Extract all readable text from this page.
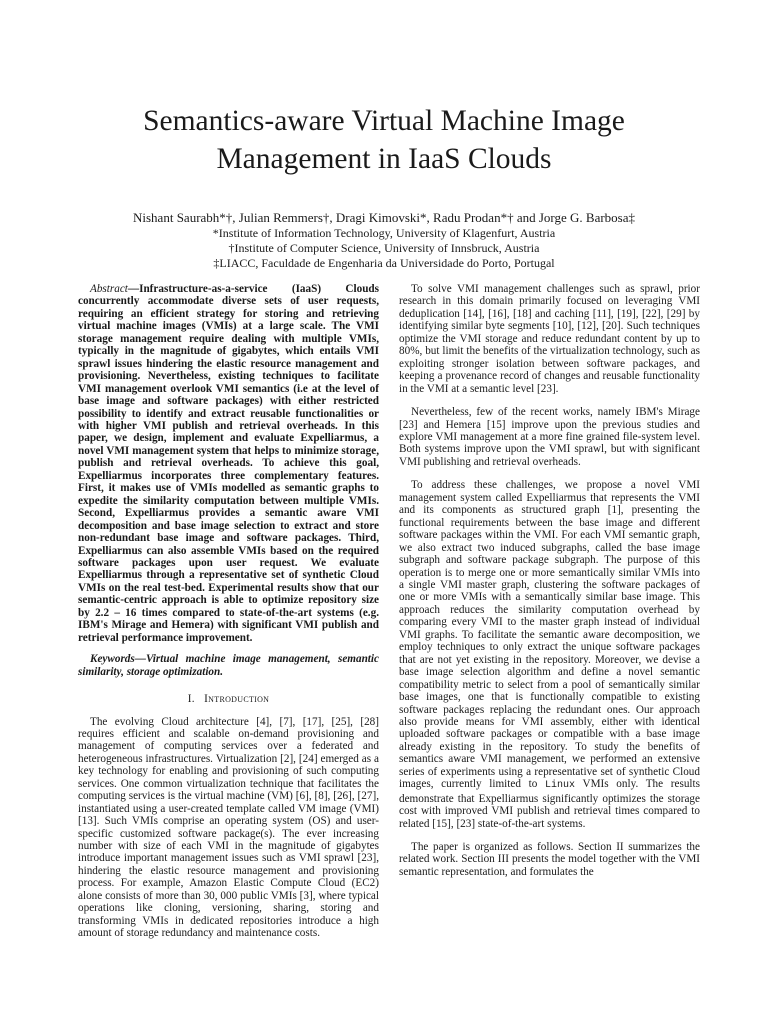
Semantics-aware Virtual Machine Image
Management in IaaS Clouds
Nishant Saurabh*†, Julian Remmers†, Dragi Kimovski*, Radu Prodan*† and Jorge G. Barbosa‡
*Institute of Information Technology, University of Klagenfurt, Austria
†Institute of Computer Science, University of Innsbruck, Austria
‡LIACC, Faculdade de Engenharia da Universidade do Porto, Portugal

Abstract—Infrastructure-as-a-service (IaaS) Clouds concurrently accommodate diverse sets of user requests, requiring an efficient strategy for storing and retrieving virtual machine images (VMIs) at a large scale. The VMI storage management require dealing with multiple VMIs, typically in the magnitude of gigabytes, which entails VMI sprawl issues hindering the elastic resource management and provisioning. Nevertheless, existing techniques to facilitate VMI management overlook VMI semantics (i.e at the level of base image and software packages) with either restricted possibility to identify and extract reusable functionalities or with higher VMI publish and retrieval overheads. In this paper, we design, implement and evaluate Expelliarmus, a novel VMI management system that helps to minimize storage, publish and retrieval overheads. To achieve this goal, Expelliarmus incorporates three complementary features. First, it makes use of VMIs modelled as semantic graphs to expedite the similarity computation between multiple VMIs. Second, Expelliarmus provides a semantic aware VMI decomposition and base image selection to extract and store non-redundant base image and software packages. Third, Expelliarmus can also assemble VMIs based on the required software packages upon user request. We evaluate Expelliarmus through a representative set of synthetic Cloud VMIs on the real test-bed. Experimental results show that our semantic-centric approach is able to optimize repository size by 2.2 – 16 times compared to state-of-the-art systems (e.g. IBM's Mirage and Hemera) with significant VMI publish and retrieval performance improvement.

Keywords—Virtual machine image management, semantic similarity, storage optimization.

I. Introduction

The evolving Cloud architecture [4], [7], [17], [25], [28] requires efficient and scalable on-demand provisioning and management of computing services over a federated and heterogeneous infrastructures. Virtualization [2], [24] emerged as a key technology for enabling and provisioning of such computing services. One common virtualization technique that facilitates the computing services is the virtual machine (VM) [6], [8], [26], [27], instantiated using a user-created template called VM image (VMI) [13]. Such VMIs comprise an operating system (OS) and user-specific customized software package(s). The ever increasing number with size of each VMI in the magnitude of gigabytes introduce important management issues such as VMI sprawl [23], hindering the elastic resource management and provisioning process. For example, Amazon Elastic Compute Cloud (EC2) alone consists of more than 30, 000 public VMIs [3], where typical operations like cloning, versioning, sharing, storing and transforming VMIs in dedicated repositories introduce a high amount of storage redundancy and maintenance costs.

To solve VMI management challenges such as sprawl, prior research in this domain primarily focused on leveraging VMI deduplication [14], [16], [18] and caching [11], [19], [22], [29] by identifying similar byte segments [10], [12], [20]. Such techniques optimize the VMI storage and reduce redundant content by up to 80%, but limit the benefits of the virtualization technology, such as exploiting stronger isolation between software packages, and keeping a provenance record of changes and reusable functionality in the VMI at a semantic level [23].

Nevertheless, few of the recent works, namely IBM's Mirage [23] and Hemera [15] improve upon the previous studies and explore VMI management at a more fine grained file-system level. Both systems improve upon the VMI sprawl, but with significant VMI publishing and retrieval overheads.

To address these challenges, we propose a novel VMI management system called Expelliarmus that represents the VMI and its components as structured graph [1], presenting the functional requirements between the base image and different software packages within the VMI. For each VMI semantic graph, we also extract two induced subgraphs, called the base image subgraph and software package subgraph. The purpose of this operation is to merge one or more semantically similar VMIs into a single VMI master graph, clustering the software packages of one or more VMIs with a semantically similar base image. This approach reduces the similarity computation overhead by comparing every VMI to the master graph instead of individual VMI graphs. To facilitate the semantic aware decomposition, we employ techniques to only extract the unique software packages that are not yet existing in the repository. Moreover, we devise a base image selection algorithm and define a novel semantic compatibility metric to select from a pool of semantically similar base images, one that is functionally compatible to existing software packages replacing the redundant ones. Our approach also provide means for VMI assembly, either with identical uploaded software packages or compatible with a base image already existing in the repository. To study the benefits of semantics aware VMI management, we performed an extensive series of experiments using a representative set of synthetic Cloud images, currently limited to Linux VMIs only. The results demonstrate that Expelliarmus significantly optimizes the storage cost with improved VMI publish and retrieval times compared to related [15], [23] state-of-the-art systems.

The paper is organized as follows. Section II summarizes the related work. Section III presents the model together with the VMI semantic representation, and formulates the
